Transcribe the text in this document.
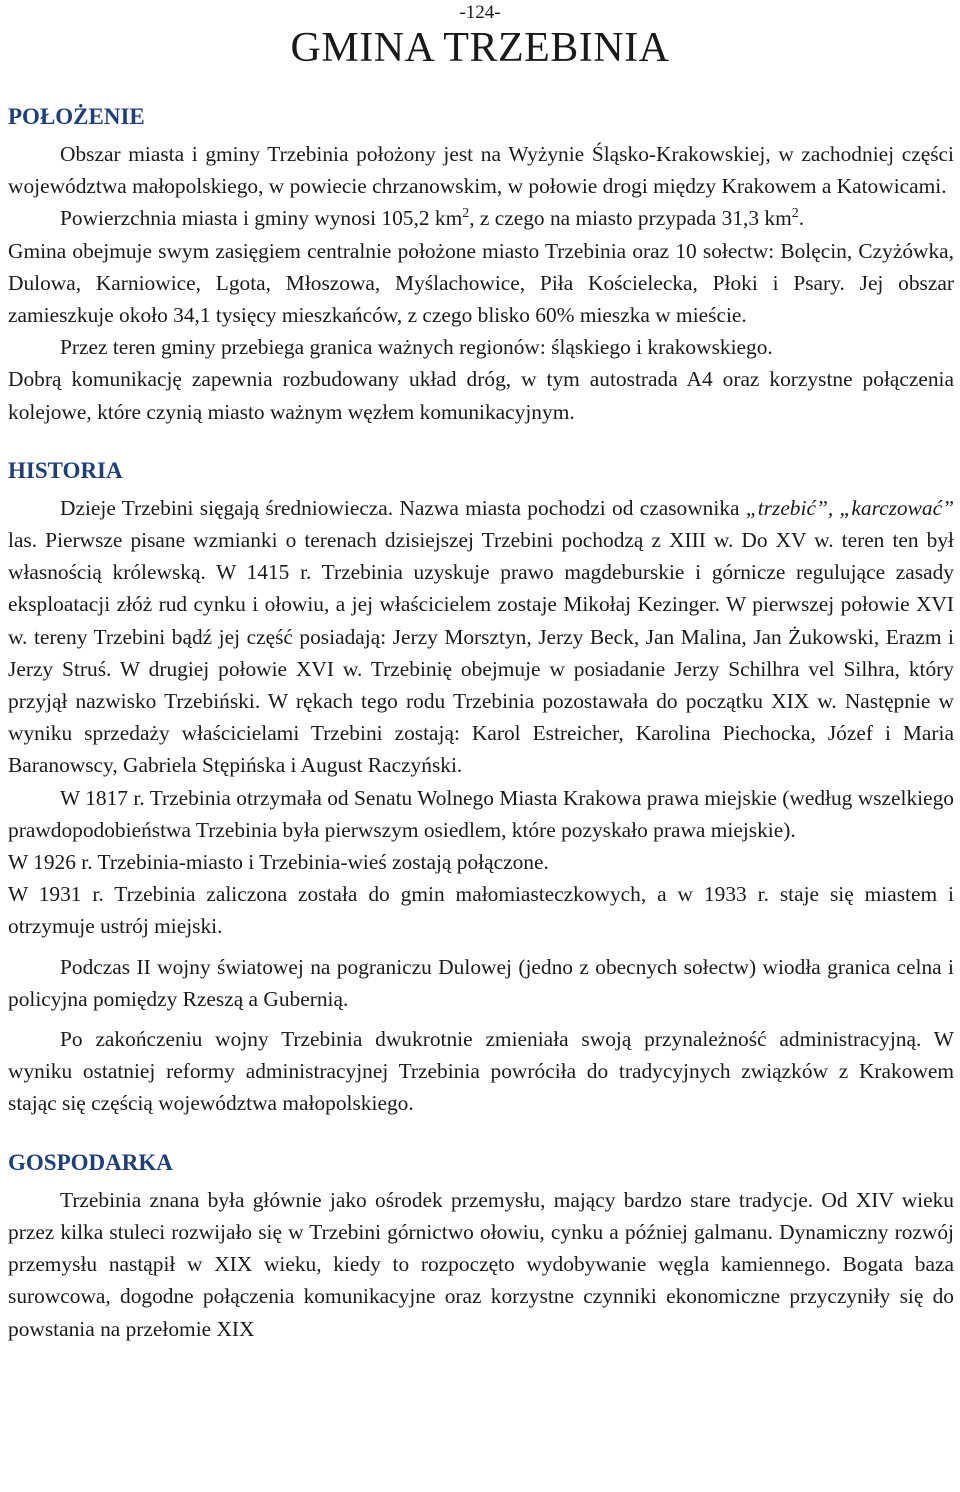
-124-
GMINA TRZEBINIA
POŁOŻENIE

Obszar miasta i gminy Trzebinia położony jest na Wyżynie Śląsko-Krakowskiej, w zachodniej części województwa małopolskiego, w powiecie chrzanowskim, w połowie drogi między Krakowem a Katowicami.

Powierzchnia miasta i gminy wynosi 105,2 $km^2$, z czego na miasto przypada 31,3 $km^2$.

Gmina obejmuje swym zasięgiem centralnie położone miasto Trzebinia oraz 10 sołectw: Bolęcin, Czyżówka, Dulowa, Karniowice, Lgota, Młoszowa, Myślachowice, Piła Kościelecka, Płoki i Psary. Jej obszar zamieszkuje około 34,1 tysięcy mieszkańców, z czego blisko 60% mieszka w mieście.

Przez teren gminy przebiega granica ważnych regionów: śląskiego i krakowskiego.

Dobrą komunikację zapewnia rozbudowany układ dróg, w tym autostrada A4 oraz korzystne połączenia kolejowe, które czynią miasto ważnym węzłem komunikacyjnym.

HISTORIA

Dzieje Trzebini sięgają średniowiecza. Nazwa miasta pochodzi od czasownika „trzebić”, „karczować” las. Pierwsze pisane wzmianki o terenach dzisiejszej Trzebini pochodzą z XIII w. Do XV w. teren ten był własnością królewską. W 1415 r. Trzebinia uzyskuje prawo magdeburskie i górnicze regulujące zasady eksploatacji złóż rud cynku i ołowiu, a jej właścicielem zostaje Mikołaj Kezinger. W pierwszej połowie XVI w. tereny Trzebini bądź jej część posiadają: Jerzy Morsztyn, Jerzy Beck, Jan Malina, Jan Żukowski, Erazm i Jerzy Struś. W drugiej połowie XVI w. Trzebinię obejmuje w posiadanie Jerzy Schilhra vel Silhra, który przyjął nazwisko Trzebiński. W rękach tego rodu Trzebinia pozostawała do początku XIX w. Następnie w wyniku sprzedaży właścicielami Trzebini zostają: Karol Estreicher, Karolina Piechocka, Józef i Maria Baranowscy, Gabriela Stępińska i August Raczyński.

W 1817 r. Trzebinia otrzymała od Senatu Wolnego Miasta Krakowa prawa miejskie (według wszelkiego prawdopodobieństwa Trzebinia była pierwszym osiedlem, które pozyskało prawa miejskie).

W 1926 r. Trzebinia-miasto i Trzebinia-wieś zostają połączone.

W 1931 r. Trzebinia zaliczona została do gmin małomiasteczkowych, a w 1933 r. staje się miastem i otrzymuje ustrój miejski.

Podczas II wojny światowej na pograniczu Dulowej (jedno z obecnych sołectw) wiodła granica celna i policyjna pomiędzy Rzeszą a Gubernią.

Po zakończeniu wojny Trzebinia dwukrotnie zmieniała swoją przynależność administracyjną. W wyniku ostatniej reformy administracyjnej Trzebinia powróciła do tradycyjnych związków z Krakowem stając się częścią województwa małopolskiego.

GOSPODARKA

Trzebinia znana była głównie jako ośrodek przemysłu, mający bardzo stare tradycje. Od XIV wieku przez kilka stuleci rozwijało się w Trzebini górnictwo ołowiu, cynku a później galmanu. Dynamiczny rozwój przemysłu nastąpił w XIX wieku, kiedy to rozpoczęto wydobywanie węgla kamiennego. Bogata baza surowcowa, dogodne połączenia komunikacyjne oraz korzystne czynniki ekonomiczne przyczyniły się do powstania na przełomie XIX
